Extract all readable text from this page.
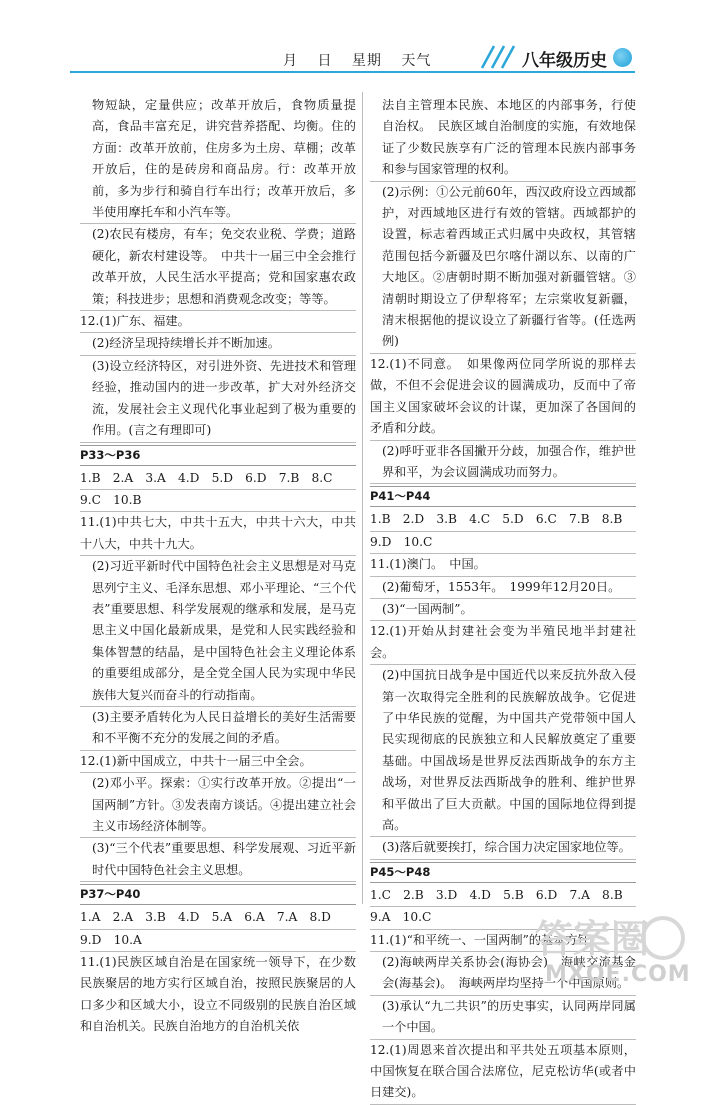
月 日 星期 天气	八年级历史
物短缺，定量供应；改革开放后，食物质量提高，食品丰富充足，讲究营养搭配、均衡。住的方面：改革开放前，住房多为土房、草棚；改革开放后，住的是砖房和商品房。行：改革开放前，多为步行和骑自行车出行；改革开放后，多半使用摩托车和小汽车等。
(2)农民有楼房，有车；免交农业税、学费；道路硬化，新农村建设等。　中共十一届三中全会推行改革开放，人民生活水平提高；党和国家惠农政策；科技进步；思想和消费观念改变；等等。
12.(1)广东、福建。
(2)经济呈现持续增长并不断加速。
(3)设立经济特区，对引进外资、先进技术和管理经验，推动国内的进一步改革，扩大对外经济交流，发展社会主义现代化事业起到了极为重要的作用。(言之有理即可)
P33～P36
1.B　2.A　3.A　4.D　5.D　6.D　7.B　8.C
9.C　10.B
11.(1)中共七大，中共十五大，中共十六大，中共十八大，中共十九大。
(2)习近平新时代中国特色社会主义思想是对马克思列宁主义、毛泽东思想、邓小平理论、“三个代表”重要思想、科学发展观的继承和发展，是马克思主义中国化最新成果，是党和人民实践经验和集体智慧的结晶，是中国特色社会主义理论体系的重要组成部分，是全党全国人民为实现中华民族伟大复兴而奋斗的行动指南。
(3)主要矛盾转化为人民日益增长的美好生活需要和不平衡不充分的发展之间的矛盾。
12.(1)新中国成立，中共十一届三中全会。
(2)邓小平。探索：①实行改革开放。②提出“一国两制”方针。③发表南方谈话。④提出建立社会主义市场经济体制等。
(3)“三个代表”重要思想、科学发展观、习近平新时代中国特色社会主义思想。
P37～P40
1.A　2.A　3.B　4.D　5.A　6.A　7.A　8.D
9.D　10.A
11.(1)民族区域自治是在国家统一领导下，在少数民族聚居的地方实行区域自治，按照民族聚居的人口多少和区域大小，设立不同级别的民族自治区域和自治机关。民族自治地方的自治机关依
法自主管理本民族、本地区的内部事务，行使自治权。　民族区域自治制度的实施，有效地保证了少数民族享有广泛的管理本民族内部事务和参与国家管理的权利。
(2)示例：①公元前60年，西汉政府设立西域都护，对西域地区进行有效的管辖。西域都护的设置，标志着西域正式归属中央政权，其管辖范围包括今新疆及巴尔喀什湖以东、以南的广大地区。②唐朝时期不断加强对新疆管辖。③清朝时期设立了伊犁将军；左宗棠收复新疆，清末根据他的提议设立了新疆行省等。(任选两例)
12.(1)不同意。　如果像两位同学所说的那样去做，不但不会促进会议的圆满成功，反而中了帝国主义国家破坏会议的计谋，更加深了各国间的矛盾和分歧。
(2)呼吁亚非各国撇开分歧，加强合作，维护世界和平，为会议圆满成功而努力。
P41～P44
1.B　2.D　3.B　4.C　5.D　6.C　7.B　8.B
9.D　10.C
11.(1)澳门。　中国。
(2)葡萄牙，1553年。　1999年12月20日。
(3)“一国两制”。
12.(1)开始从封建社会变为半殖民地半封建社会。
(2)中国抗日战争是中国近代以来反抗外敌入侵第一次取得完全胜利的民族解放战争。它促进了中华民族的觉醒，为中国共产党带领中国人民实现彻底的民族独立和人民解放奠定了重要基础。中国战场是世界反法西斯战争的东方主战场，对世界反法西斯战争的胜利、维护世界和平做出了巨大贡献。中国的国际地位得到提高。
(3)落后就要挨打，综合国力决定国家地位等。
P45～P48
1.C　2.B　3.D　4.D　5.B　6.D　7.A　8.B
9.A　10.C
11.(1)“和平统一、一国两制”的基本方针。
(2)海峡两岸关系协会(海协会)，海峡交流基金会(海基会)。　海峡两岸均坚持一个中国原则。
(3)承认“九二共识”的历史事实，认同两岸同属一个中国。
12.(1)周恩来首次提出和平共处五项基本原则，中国恢复在联合国合法席位，尼克松访华(或者中日建交)。
答案圈
MXQE.COM
